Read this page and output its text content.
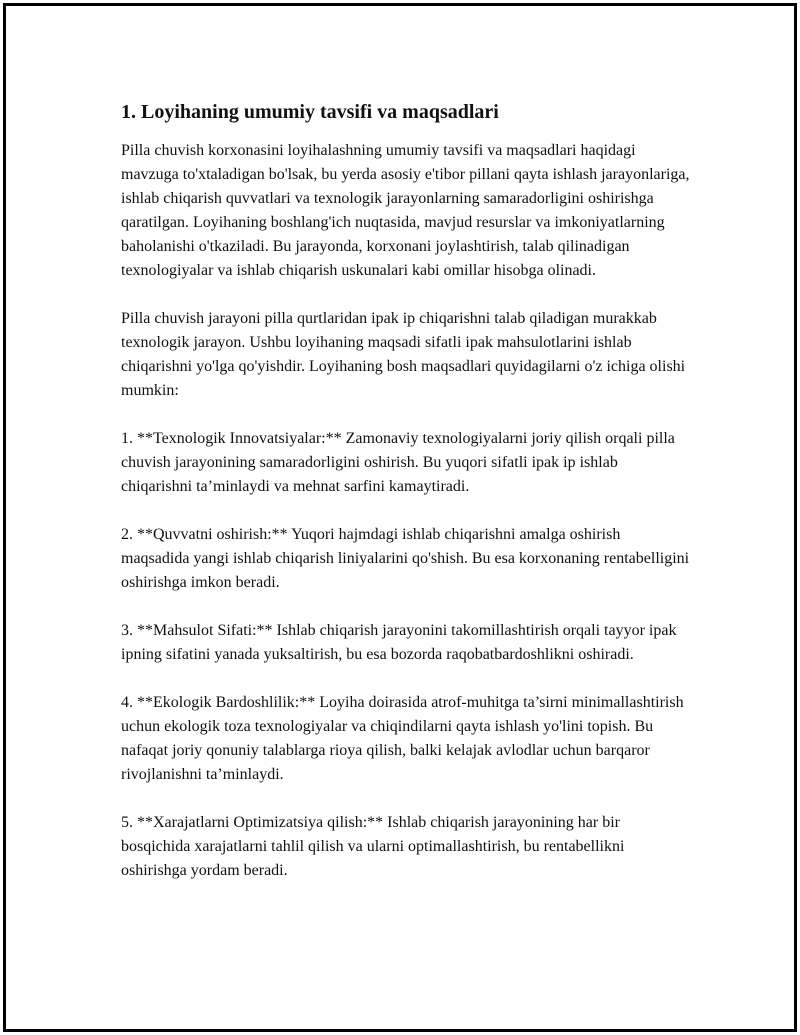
1. Loyihaning umumiy tavsifi va maqsadlari

Pilla chuvish korxonasini loyihalashning umumiy tavsifi va maqsadlari haqidagi mavzuga to'xtaladigan bo'lsak, bu yerda asosiy e'tibor pillani qayta ishlash jarayonlariga, ishlab chiqarish quvvatlari va texnologik jarayonlarning samaradorligini oshirishga qaratilgan. Loyihaning boshlang'ich nuqtasida, mavjud resurslar va imkoniyatlarning baholanishi o'tkaziladi. Bu jarayonda, korxonani joylashtirish, talab qilinadigan texnologiyalar va ishlab chiqarish uskunalari kabi omillar hisobga olinadi.

Pilla chuvish jarayoni pilla qurtlaridan ipak ip chiqarishni talab qiladigan murakkab texnologik jarayon. Ushbu loyihaning maqsadi sifatli ipak mahsulotlarini ishlab chiqarishni yo'lga qo'yishdir. Loyihaning bosh maqsadlari quyidagilarni o'z ichiga olishi mumkin:

1. **Texnologik Innovatsiyalar:** Zamonaviy texnologiyalarni joriy qilish orqali pilla chuvish jarayonining samaradorligini oshirish. Bu yuqori sifatli ipak ip ishlab chiqarishni ta’minlaydi va mehnat sarfini kamaytiradi.

2. **Quvvatni oshirish:** Yuqori hajmdagi ishlab chiqarishni amalga oshirish maqsadida yangi ishlab chiqarish liniyalarini qo'shish. Bu esa korxonaning rentabelligini oshirishga imkon beradi.

3. **Mahsulot Sifati:** Ishlab chiqarish jarayonini takomillashtirish orqali tayyor ipak ipning sifatini yanada yuksaltirish, bu esa bozorda raqobatbardoshlikni oshiradi.

4. **Ekologik Bardoshlilik:** Loyiha doirasida atrof-muhitga ta’sirni minimallashtirish uchun ekologik toza texnologiyalar va chiqindilarni qayta ishlash yo'lini topish. Bu nafaqat joriy qonuniy talablarga rioya qilish, balki kelajak avlodlar uchun barqaror rivojlanishni ta’minlaydi.

5. **Xarajatlarni Optimizatsiya qilish:** Ishlab chiqarish jarayonining har bir bosqichida xarajatlarni tahlil qilish va ularni optimallashtirish, bu rentabellikni oshirishga yordam beradi.
